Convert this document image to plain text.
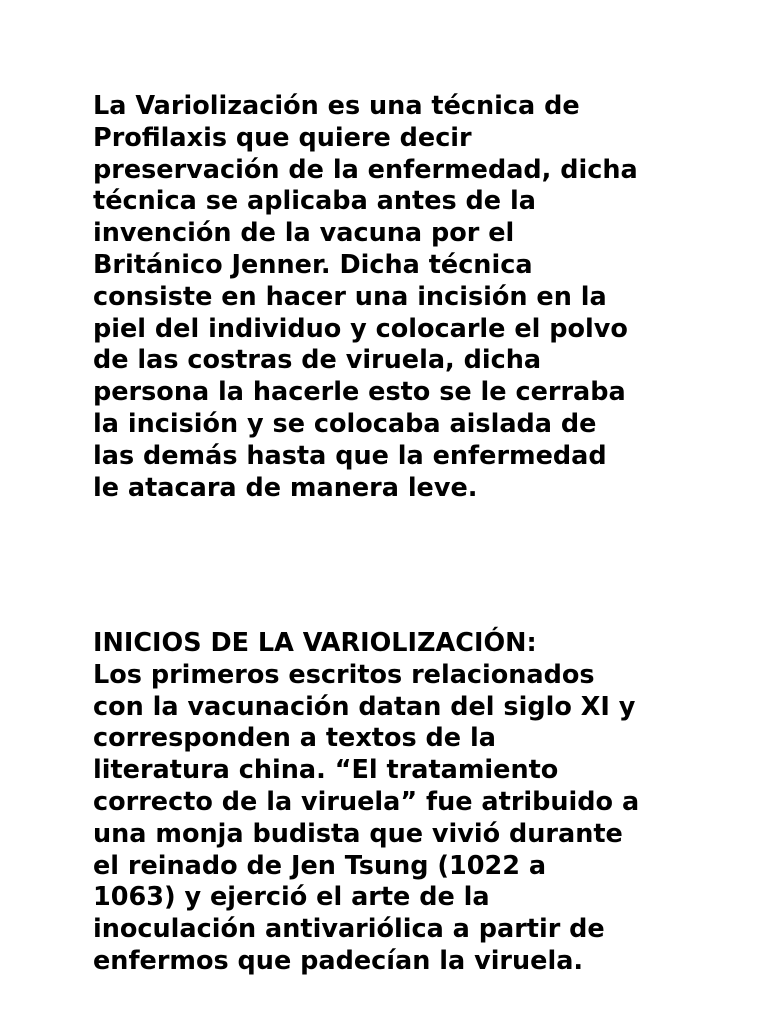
La Variolización es una técnica de
Profilaxis que quiere decir
preservación de la enfermedad, dicha
técnica se aplicaba antes de la
invención de la vacuna por el
Británico Jenner. Dicha técnica
consiste en hacer una incisión en la
piel del individuo y colocarle el polvo
de las costras de viruela, dicha
persona la hacerle esto se le cerraba
la incisión y se colocaba aislada de
las demás hasta que la enfermedad
le atacara de manera leve.

INICIOS DE LA VARIOLIZACIÓN:
Los primeros escritos relacionados
con la vacunación datan del siglo XI y
corresponden a textos de la
literatura china. “El tratamiento
correcto de la viruela” fue atribuido a
una monja budista que vivió durante
el reinado de Jen Tsung (1022 a
1063) y ejerció el arte de la
inoculación antivariólica a partir de
enfermos que padecían la viruela.
